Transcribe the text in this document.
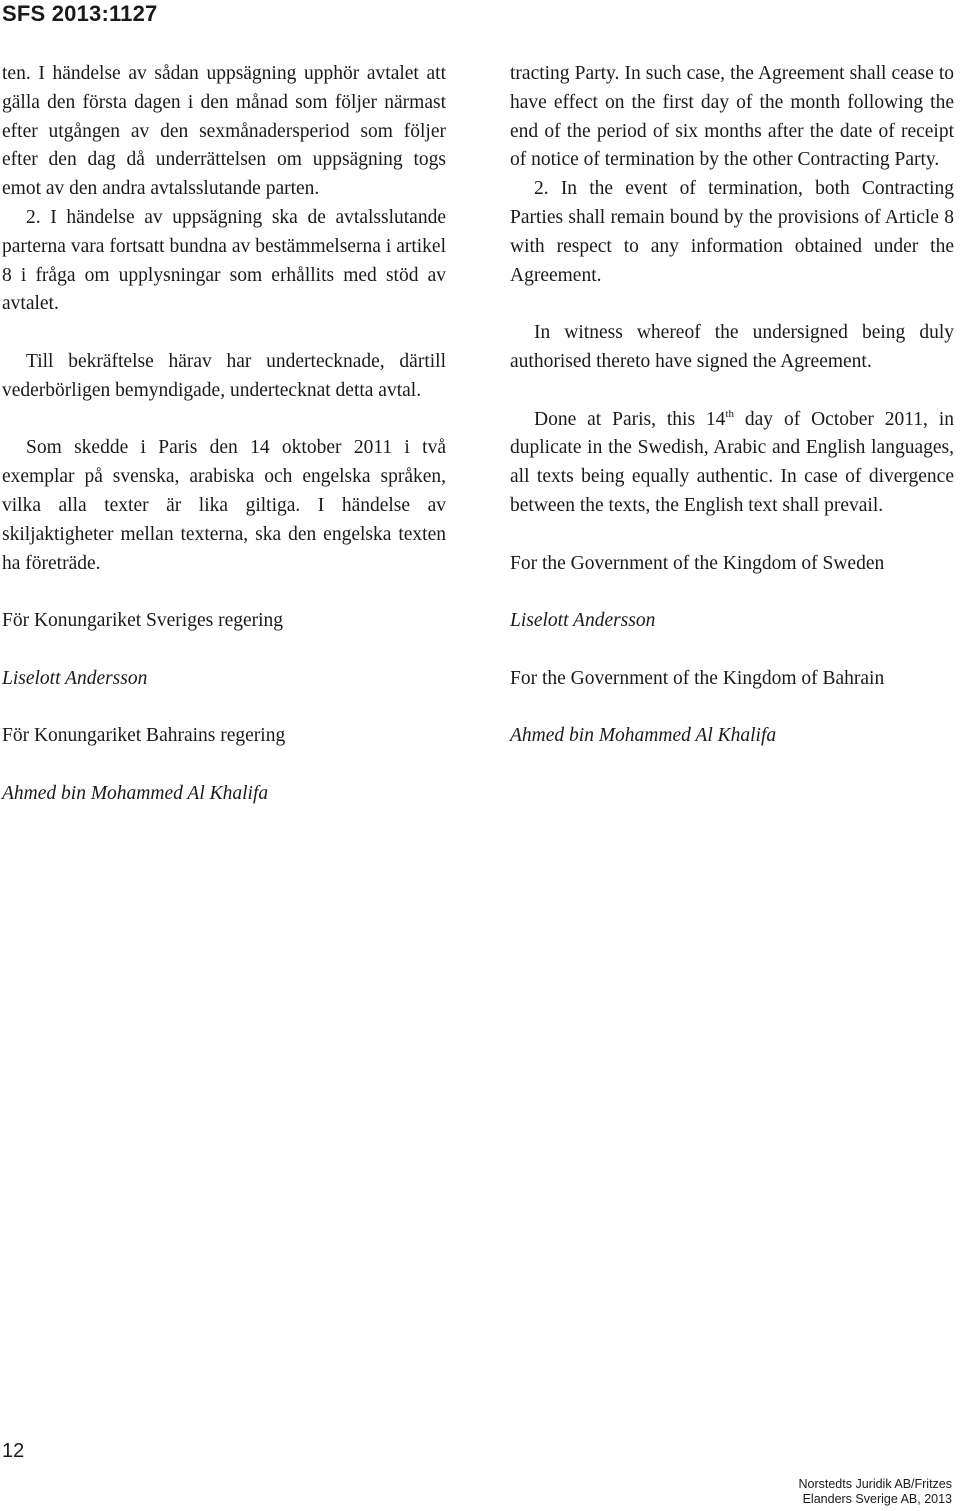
SFS 2013:1127

ten. I händelse av sådan uppsägning upphör avtalet att gälla den första dagen i den månad som följer närmast efter utgången av den sexmånadersperiod som följer efter den dag då underrättelsen om uppsägning togs emot av den andra avtalsslutande parten.

2. I händelse av uppsägning ska de avtalsslutande parterna vara fortsatt bundna av bestämmelserna i artikel 8 i fråga om upplysningar som erhållits med stöd av avtalet.

Till bekräftelse härav har undertecknade, därtill vederbörligen bemyndigade, undertecknat detta avtal.

Som skedde i Paris den 14 oktober 2011 i två exemplar på svenska, arabiska och engelska språken, vilka alla texter är lika giltiga. I händelse av skiljaktigheter mellan texterna, ska den engelska texten ha företräde.

För Konungariket Sveriges regering

Liselott Andersson

För Konungariket Bahrains regering

Ahmed bin Mohammed Al Khalifa

tracting Party. In such case, the Agreement shall cease to have effect on the first day of the month following the end of the period of six months after the date of receipt of notice of termination by the other Contracting Party.

2. In the event of termination, both Contracting Parties shall remain bound by the provisions of Article 8 with respect to any information obtained under the Agreement.

In witness whereof the undersigned being duly authorised thereto have signed the Agreement.

Done at Paris, this 14th day of October 2011, in duplicate in the Swedish, Arabic and English languages, all texts being equally authentic. In case of divergence between the texts, the English text shall prevail.

For the Government of the Kingdom of Sweden

Liselott Andersson

For the Government of the Kingdom of Bahrain

Ahmed bin Mohammed Al Khalifa

12
Norstedts Juridik AB/Fritzes
Elanders Sverige AB, 2013
